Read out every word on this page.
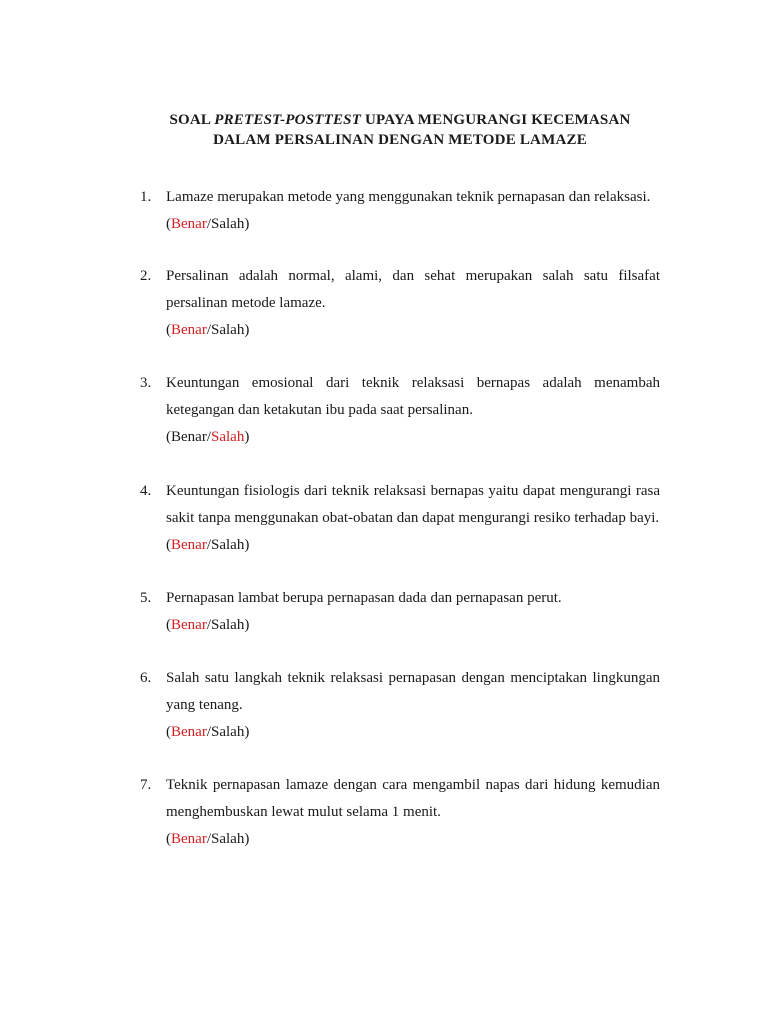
SOAL PRETEST-POSTTEST UPAYA MENGURANGI KECEMASAN
DALAM PERSALINAN DENGAN METODE LAMAZE
1. Lamaze merupakan metode yang menggunakan teknik pernapasan dan relaksasi.
(Benar/Salah)
2. Persalinan adalah normal, alami, dan sehat merupakan salah satu filsafat persalinan metode lamaze.
(Benar/Salah)
3. Keuntungan emosional dari teknik relaksasi bernapas adalah menambah ketegangan dan ketakutan ibu pada saat persalinan.
(Benar/Salah)
4. Keuntungan fisiologis dari teknik relaksasi bernapas yaitu dapat mengurangi rasa sakit tanpa menggunakan obat-obatan dan dapat mengurangi resiko terhadap bayi.
(Benar/Salah)
5. Pernapasan lambat berupa pernapasan dada dan pernapasan perut.
(Benar/Salah)
6. Salah satu langkah teknik relaksasi pernapasan dengan menciptakan lingkungan yang tenang.
(Benar/Salah)
7. Teknik pernapasan lamaze dengan cara mengambil napas dari hidung kemudian menghembuskan lewat mulut selama 1 menit.
(Benar/Salah)
